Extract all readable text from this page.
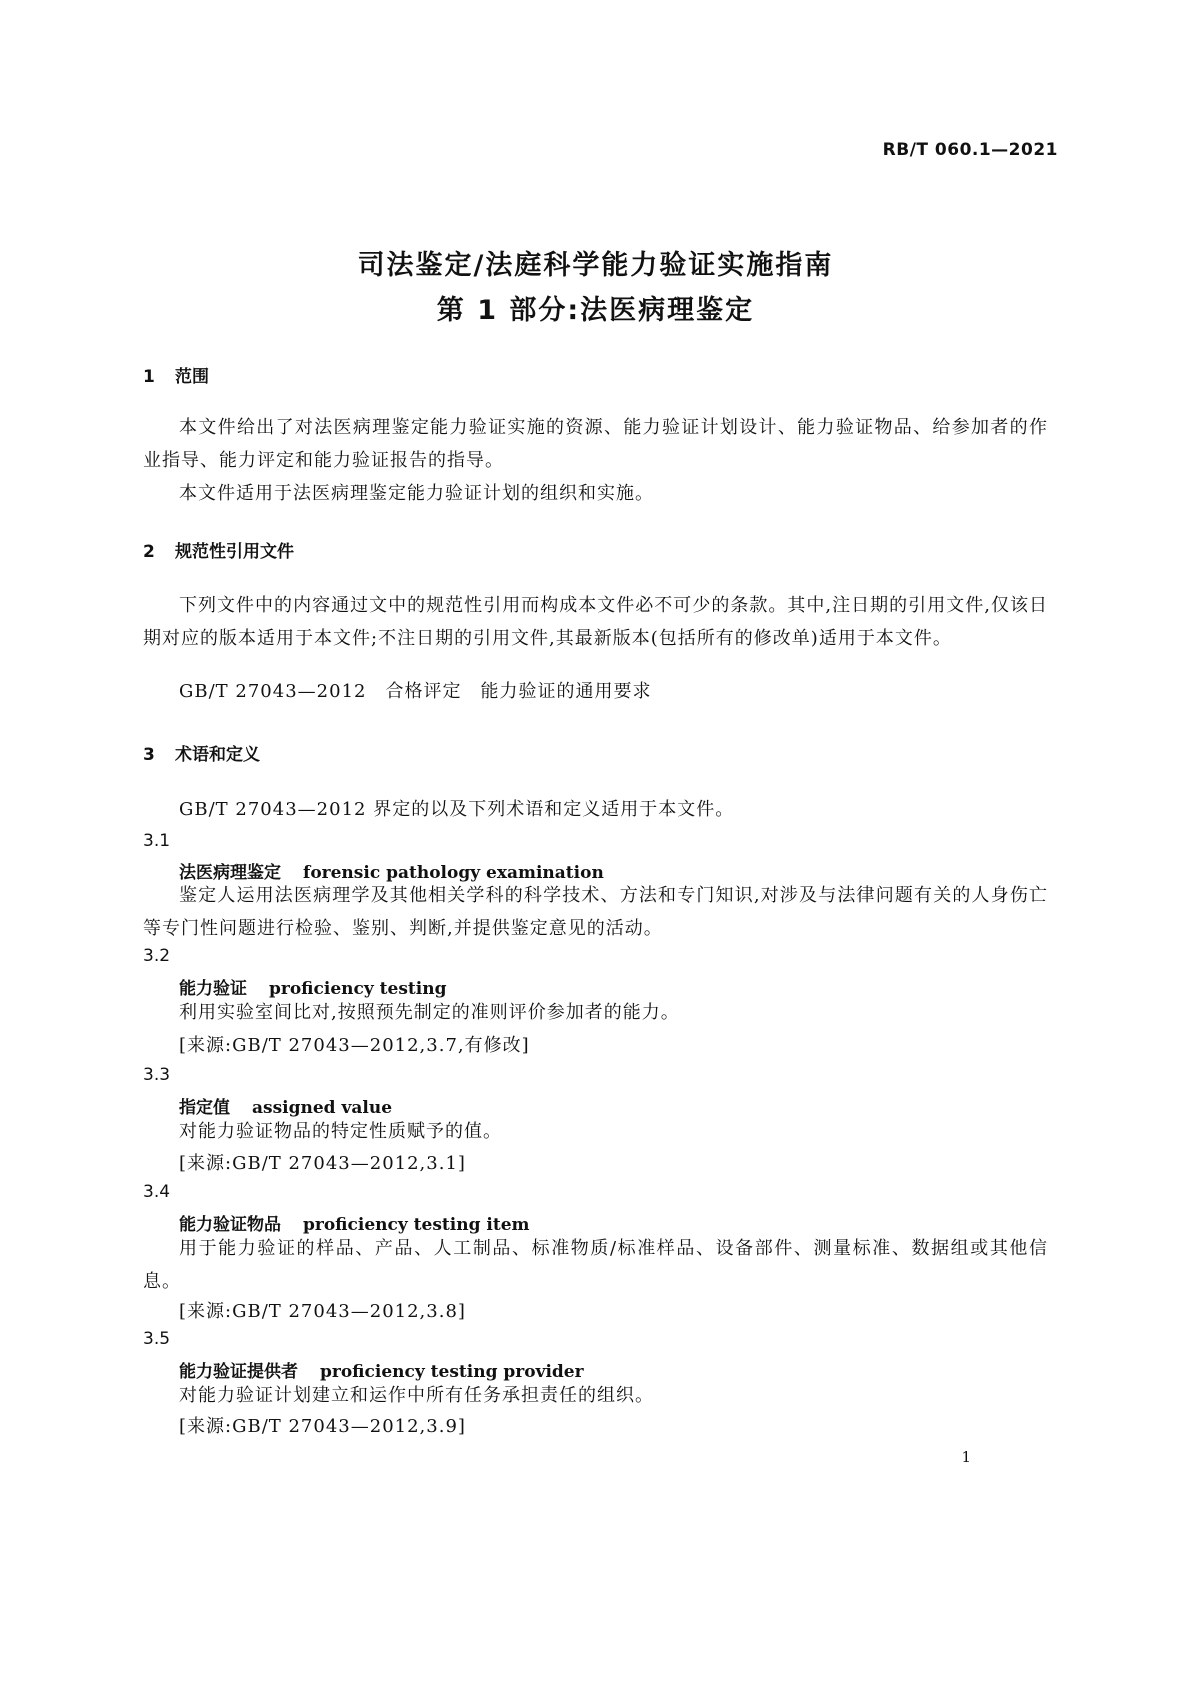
RB/T 060.1—2021
司法鉴定/法庭科学能力验证实施指南
第 1 部分:法医病理鉴定
1 范围
本文件给出了对法医病理鉴定能力验证实施的资源、能力验证计划设计、能力验证物品、给参加者的作业指导、能力评定和能力验证报告的指导。
本文件适用于法医病理鉴定能力验证计划的组织和实施。
2 规范性引用文件
下列文件中的内容通过文中的规范性引用而构成本文件必不可少的条款。其中,注日期的引用文件,仅该日期对应的版本适用于本文件;不注日期的引用文件,其最新版本(包括所有的修改单)适用于本文件。
GB/T 27043—2012　合格评定　能力验证的通用要求
3 术语和定义
GB/T 27043—2012 界定的以及下列术语和定义适用于本文件。
3.1
法医病理鉴定 forensic pathology examination
鉴定人运用法医病理学及其他相关学科的科学技术、方法和专门知识,对涉及与法律问题有关的人身伤亡等专门性问题进行检验、鉴别、判断,并提供鉴定意见的活动。
3.2
能力验证 proficiency testing
利用实验室间比对,按照预先制定的准则评价参加者的能力。
[来源:GB/T 27043—2012,3.7,有修改]
3.3
指定值 assigned value
对能力验证物品的特定性质赋予的值。
[来源:GB/T 27043—2012,3.1]
3.4
能力验证物品 proficiency testing item
用于能力验证的样品、产品、人工制品、标准物质/标准样品、设备部件、测量标准、数据组或其他信息。
[来源:GB/T 27043—2012,3.8]
3.5
能力验证提供者 proficiency testing provider
对能力验证计划建立和运作中所有任务承担责任的组织。
[来源:GB/T 27043—2012,3.9]
1
